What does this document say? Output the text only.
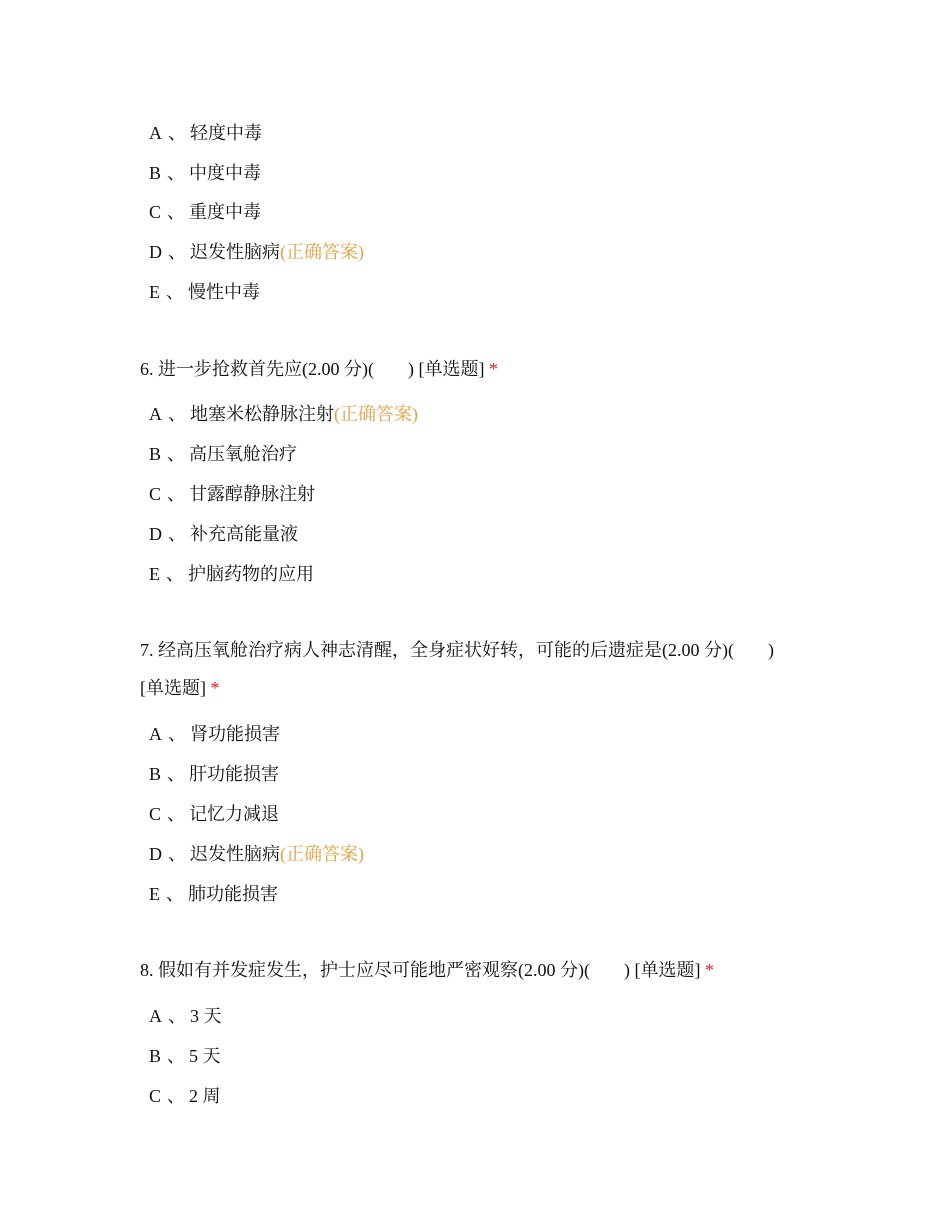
A 、 轻度中毒
B 、 中度中毒
C 、 重度中毒
D 、 迟发性脑病(正确答案)
E 、 慢性中毒
6. 进一步抢救首先应(2.00 分)( ) [单选题] *
A 、 地塞米松静脉注射(正确答案)
B 、 高压氧舱治疗
C 、 甘露醇静脉注射
D 、 补充高能量液
E 、 护脑药物的应用
7. 经高压氧舱治疗病人神志清醒，全身症状好转，可能的后遗症是(2.00 分)( )
[单选题] *
A 、 肾功能损害
B 、 肝功能损害
C 、 记忆力减退
D 、 迟发性脑病(正确答案)
E 、 肺功能损害
8. 假如有并发症发生，护士应尽可能地严密观察(2.00 分)( ) [单选题] *
A 、 3 天
B 、 5 天
C 、 2 周
